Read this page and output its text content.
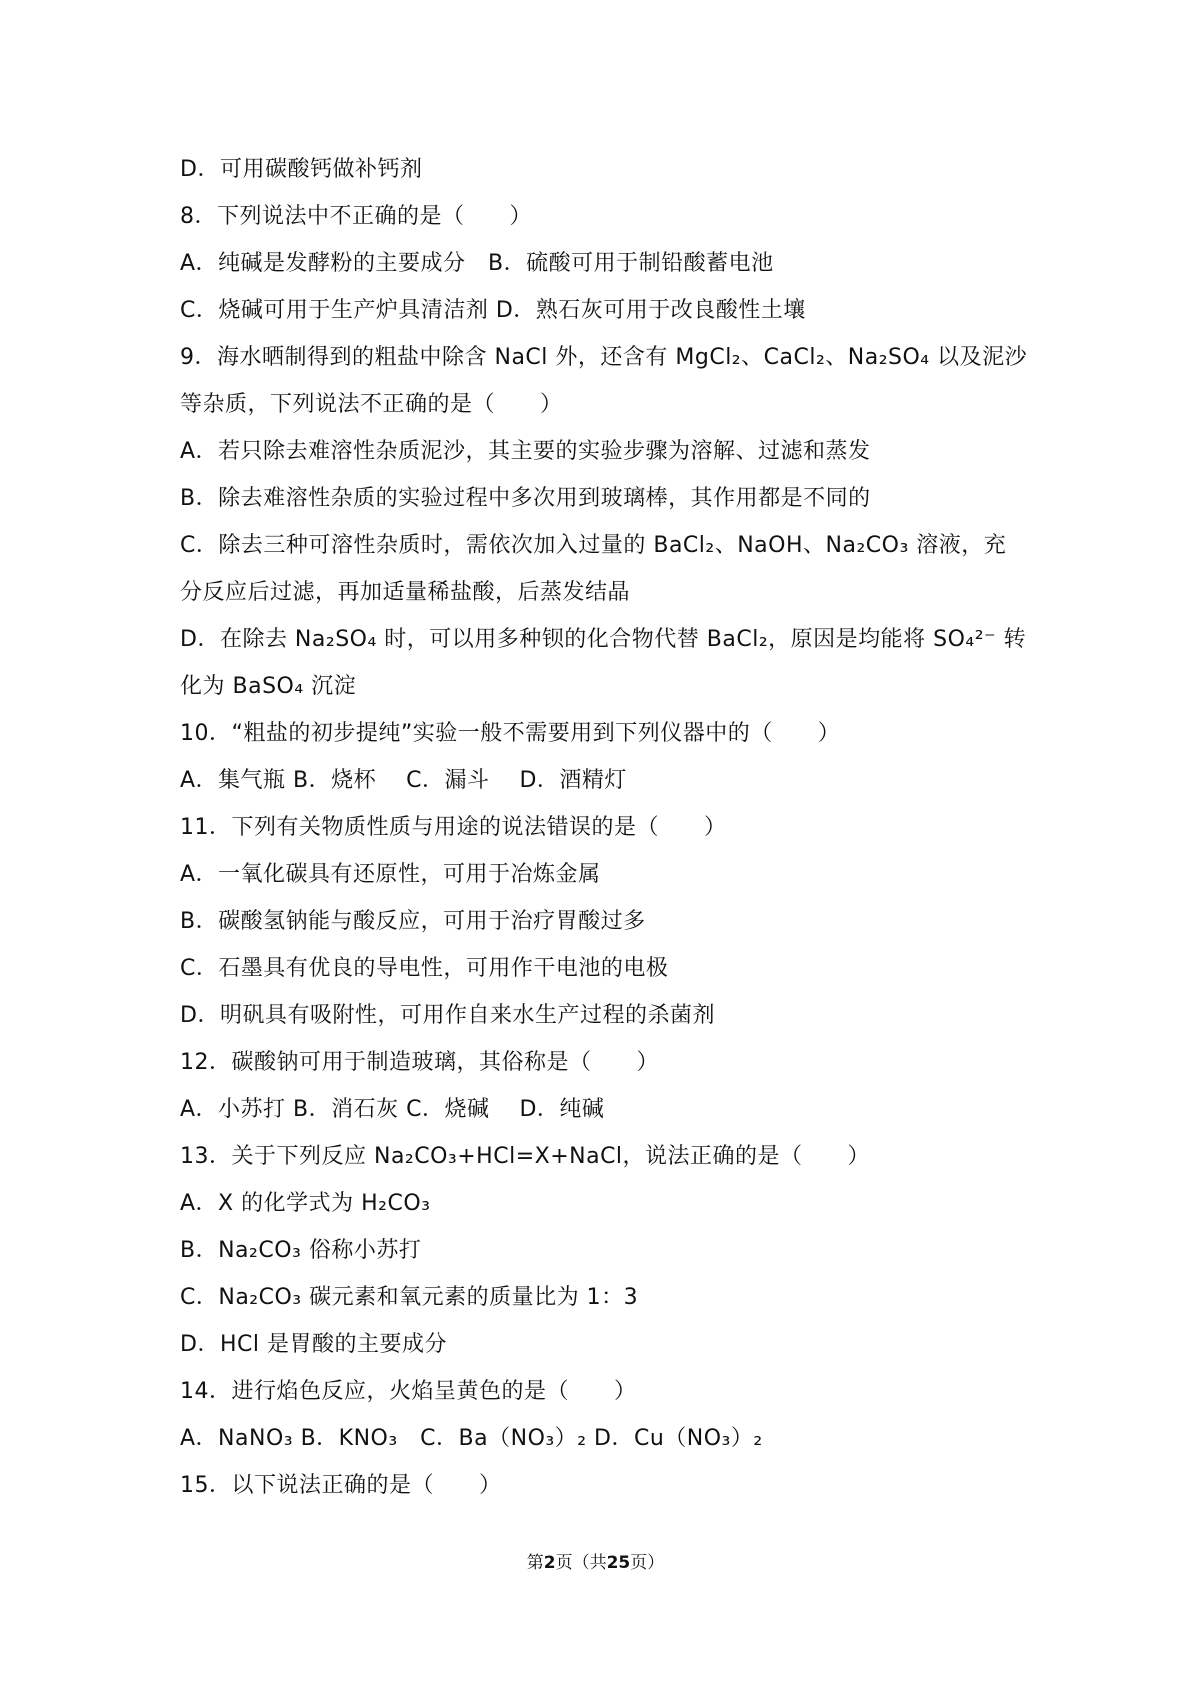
D．可用碳酸钙做补钙剂
8．下列说法中不正确的是（　　）
A．纯碱是发酵粉的主要成分　B．硫酸可用于制铅酸蓄电池
C．烧碱可用于生产炉具清洁剂 D．熟石灰可用于改良酸性土壤
9．海水晒制得到的粗盐中除含 NaCl 外，还含有 MgCl₂、CaCl₂、Na₂SO₄ 以及泥沙
等杂质，下列说法不正确的是（　　）
A．若只除去难溶性杂质泥沙，其主要的实验步骤为溶解、过滤和蒸发
B．除去难溶性杂质的实验过程中多次用到玻璃棒，其作用都是不同的
C．除去三种可溶性杂质时，需依次加入过量的 BaCl₂、NaOH、Na₂CO₃ 溶液，充
分反应后过滤，再加适量稀盐酸，后蒸发结晶
D．在除去 Na₂SO₄ 时，可以用多种钡的化合物代替 BaCl₂，原因是均能将 SO₄²⁻ 转
化为 BaSO₄ 沉淀
10．“粗盐的初步提纯”实验一般不需要用到下列仪器中的（　　）
A．集气瓶 B．烧杯　 C．漏斗　 D．酒精灯
11．下列有关物质性质与用途的说法错误的是（　　）
A．一氧化碳具有还原性，可用于冶炼金属
B．碳酸氢钠能与酸反应，可用于治疗胃酸过多
C．石墨具有优良的导电性，可用作干电池的电极
D．明矾具有吸附性，可用作自来水生产过程的杀菌剂
12．碳酸钠可用于制造玻璃，其俗称是（　　）
A．小苏打 B．消石灰 C．烧碱　 D．纯碱
13．关于下列反应 Na₂CO₃+HCl=X+NaCl，说法正确的是（　　）
A．X 的化学式为 H₂CO₃
B．Na₂CO₃ 俗称小苏打
C．Na₂CO₃ 碳元素和氧元素的质量比为 1：3
D．HCl 是胃酸的主要成分
14．进行焰色反应，火焰呈黄色的是（　　）
A．NaNO₃ B．KNO₃　C．Ba（NO₃）₂ D．Cu（NO₃）₂
15．以下说法正确的是（　　）
第2页（共25页）
